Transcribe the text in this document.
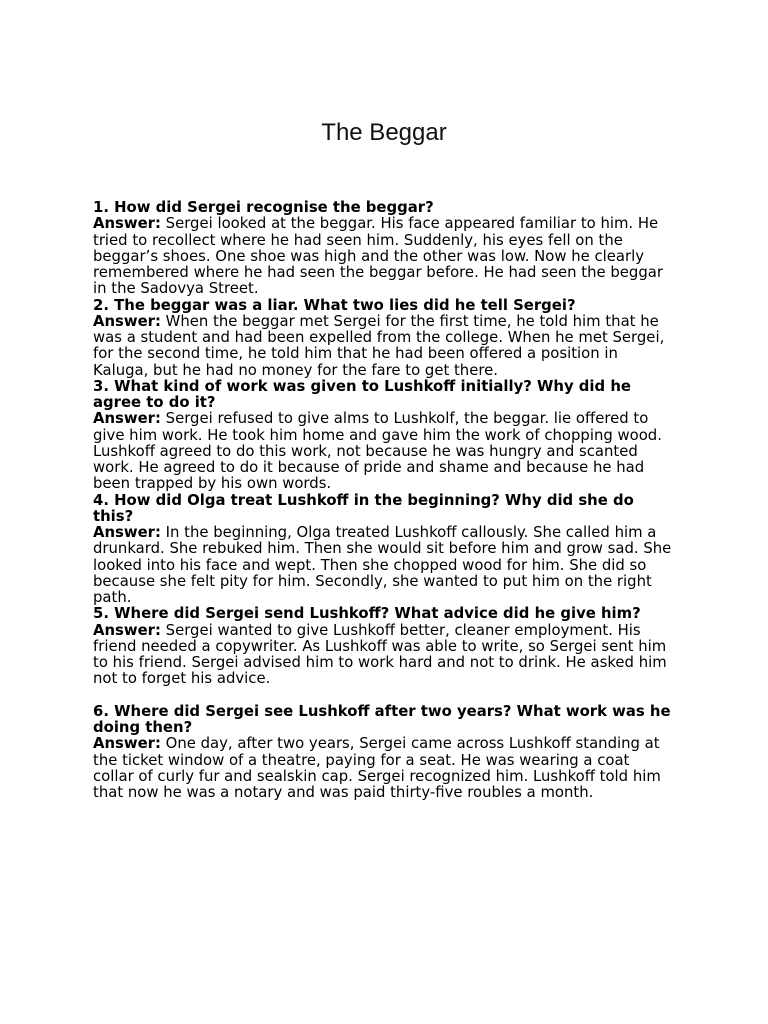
The Beggar

1. How did Sergei recognise the beggar?

Answer: Sergei looked at the beggar. His face appeared familiar to him. He tried to recollect where he had seen him. Suddenly, his eyes fell on the beggar’s shoes. One shoe was high and the other was low. Now he clearly remembered where he had seen the beggar before. He had seen the beggar in the Sadovya Street.

2. The beggar was a liar. What two lies did he tell Sergei?

Answer: When the beggar met Sergei for the first time, he told him that he was a student and had been expelled from the college. When he met Sergei, for the second time, he told him that he had been offered a position in Kaluga, but he had no money for the fare to get there.

3. What kind of work was given to Lushkoff initially? Why did he agree to do it?

Answer: Sergei refused to give alms to Lushkolf, the beggar. lie offered to give him work. He took him home and gave him the work of chopping wood. Lushkoff agreed to do this work, not because he was hungry and scanted work. He agreed to do it because of pride and shame and because he had been trapped by his own words.

4. How did Olga treat Lushkoff in the beginning? Why did she do this?

Answer: In the beginning, Olga treated Lushkoff callously. She called him a drunkard. She rebuked him. Then she would sit before him and grow sad. She looked into his face and wept. Then she chopped wood for him. She did so because she felt pity for him. Secondly, she wanted to put him on the right path.

5. Where did Sergei send Lushkoff? What advice did he give him?

Answer: Sergei wanted to give Lushkoff better, cleaner employment. His friend needed a copywriter. As Lushkoff was able to write, so Sergei sent him to his friend. Sergei advised him to work hard and not to drink. He asked him not to forget his advice.

6. Where did Sergei see Lushkoff after two years? What work was he doing then?

Answer: One day, after two years, Sergei came across Lushkoff standing at the ticket window of a theatre, paying for a seat. He was wearing a coat collar of curly fur and sealskin cap. Sergei recognized him. Lushkoff told him that now he was a notary and was paid thirty-five roubles a month.
